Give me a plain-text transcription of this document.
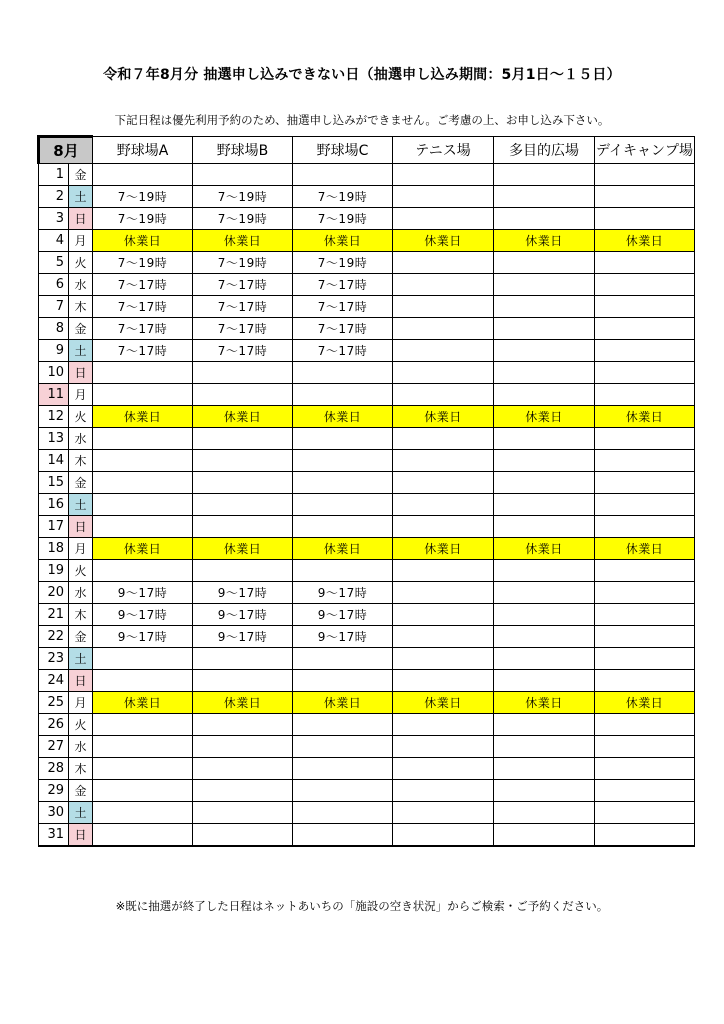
令和７年8月分 抽選申し込みできない日（抽選申し込み期間：5月1日～１５日）
下記日程は優先利用予約のため、抽選申し込みができません。ご考慮の上、お申し込み下さい。
8月		野球場A	野球場B	野球場C	テニス場	多目的広場	デイキャンプ場
1	金						
2	土	7～19時	7～19時	7～19時			
3	日	7～19時	7～19時	7～19時			
4	月	休業日	休業日	休業日	休業日	休業日	休業日
5	火	7～19時	7～19時	7～19時			
6	水	7～17時	7～17時	7～17時			
7	木	7～17時	7～17時	7～17時			
8	金	7～17時	7～17時	7～17時			
9	土	7～17時	7～17時	7～17時			
10	日						
11	月						
12	火	休業日	休業日	休業日	休業日	休業日	休業日
13	水						
14	木						
15	金						
16	土						
17	日						
18	月	休業日	休業日	休業日	休業日	休業日	休業日
19	火						
20	水	9～17時	9～17時	9～17時			
21	木	9～17時	9～17時	9～17時			
22	金	9～17時	9～17時	9～17時			
23	土						
24	日						
25	月	休業日	休業日	休業日	休業日	休業日	休業日
26	火						
27	水						
28	木						
29	金						
30	土						
31	日						
※既に抽選が終了した日程はネットあいちの「施設の空き状況」からご検索・ご予約ください。
